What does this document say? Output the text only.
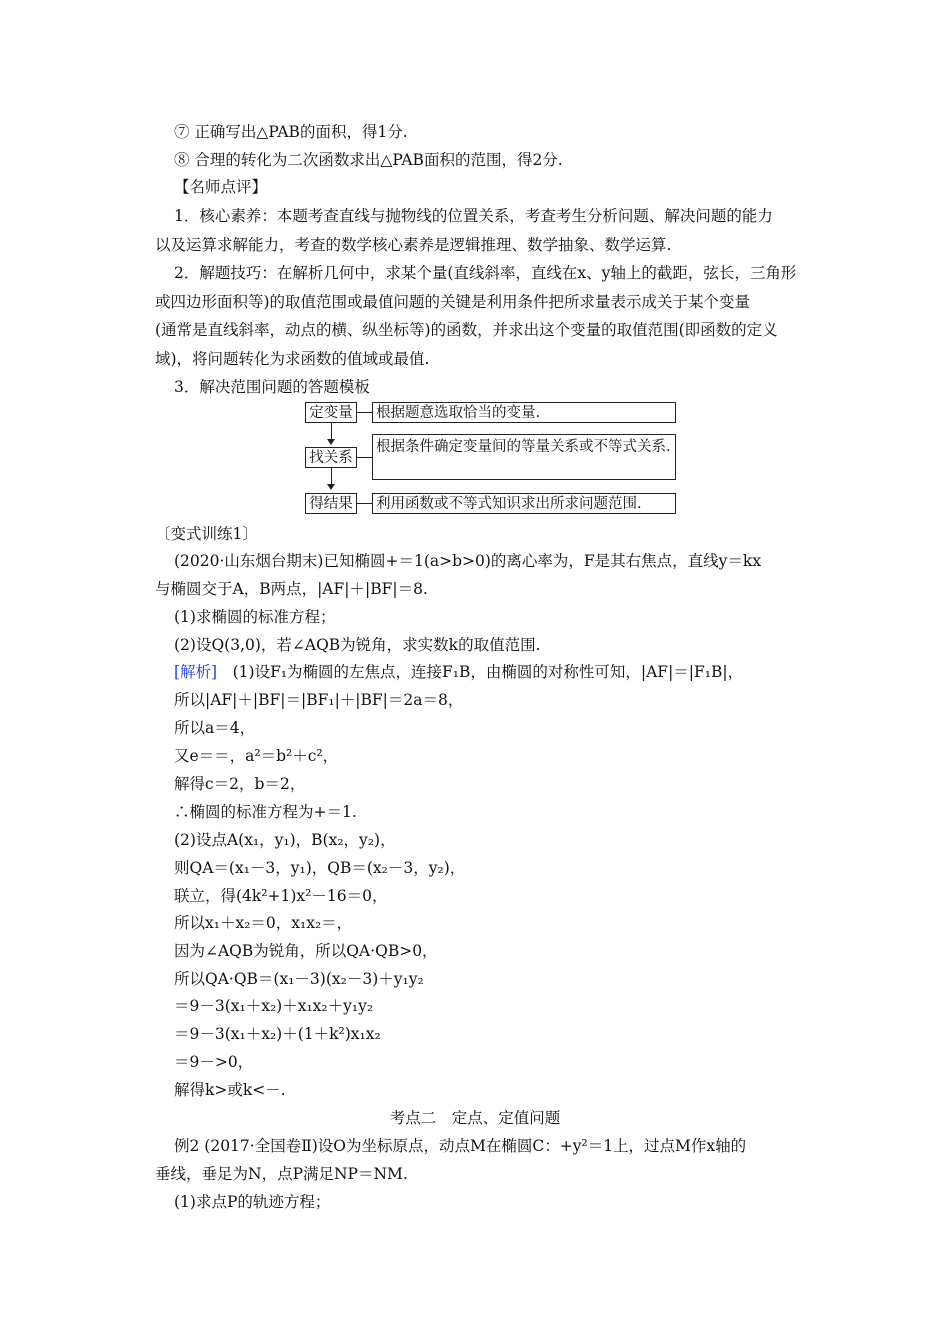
⑦ 正确写出△PAB的面积，得1分.
⑧ 合理的转化为二次函数求出△PAB面积的范围，得2分.
【名师点评】
1．核心素养：本题考查直线与抛物线的位置关系，考查考生分析问题、解决问题的能力
以及运算求解能力，考查的数学核心素养是逻辑推理、数学抽象、数学运算.
2．解题技巧：在解析几何中，求某个量(直线斜率，直线在x、y轴上的截距，弦长，三角形
或四边形面积等)的取值范围或最值问题的关键是利用条件把所求量表示成关于某个变量
(通常是直线斜率，动点的横、纵坐标等)的函数，并求出这个变量的取值范围(即函数的定义
域)，将问题转化为求函数的值域或最值.
3．解决范围问题的答题模板
定变量 根据题意选取恰当的变量.
找关系
根据条件确定变量间的等量关系或不等式关系.
得结果 利用函数或不等式知识求出所求问题范围.
〔变式训练1〕
(2020·山东烟台期末)已知椭圆+＝1(a>b>0)的离心率为，F是其右焦点，直线y＝kx
与椭圆交于A，B两点，|AF|＋|BF|＝8.
(1)求椭圆的标准方程；
(2)设Q(3,0)，若∠AQB为锐角，求实数k的取值范围.
[解析]　(1)设F₁为椭圆的左焦点，连接F₁B，由椭圆的对称性可知，|AF|＝|F₁B|，
所以|AF|＋|BF|＝|BF₁|＋|BF|＝2a＝8，
所以a＝4，
又e＝＝，a²＝b²＋c²，
解得c＝2，b＝2，
∴椭圆的标准方程为+＝1.
(2)设点A(x₁，y₁)，B(x₂，y₂)，
则QA＝(x₁－3，y₁)，QB＝(x₂－3，y₂)，
联立，得(4k²+1)x²－16＝0，
所以x₁＋x₂＝0，x₁x₂＝，
因为∠AQB为锐角，所以QA·QB>0，
所以QA·QB＝(x₁－3)(x₂－3)＋y₁y₂
＝9－3(x₁＋x₂)＋x₁x₂＋y₁y₂
＝9－3(x₁＋x₂)＋(1＋k²)x₁x₂
＝9－>0，
解得k>或k<－.
考点二　定点、定值问题
例2 (2017·全国卷Ⅱ)设O为坐标原点，动点M在椭圆C：+y²＝1上，过点M作x轴的
垂线，垂足为N，点P满足NP＝NM.
(1)求点P的轨迹方程；
